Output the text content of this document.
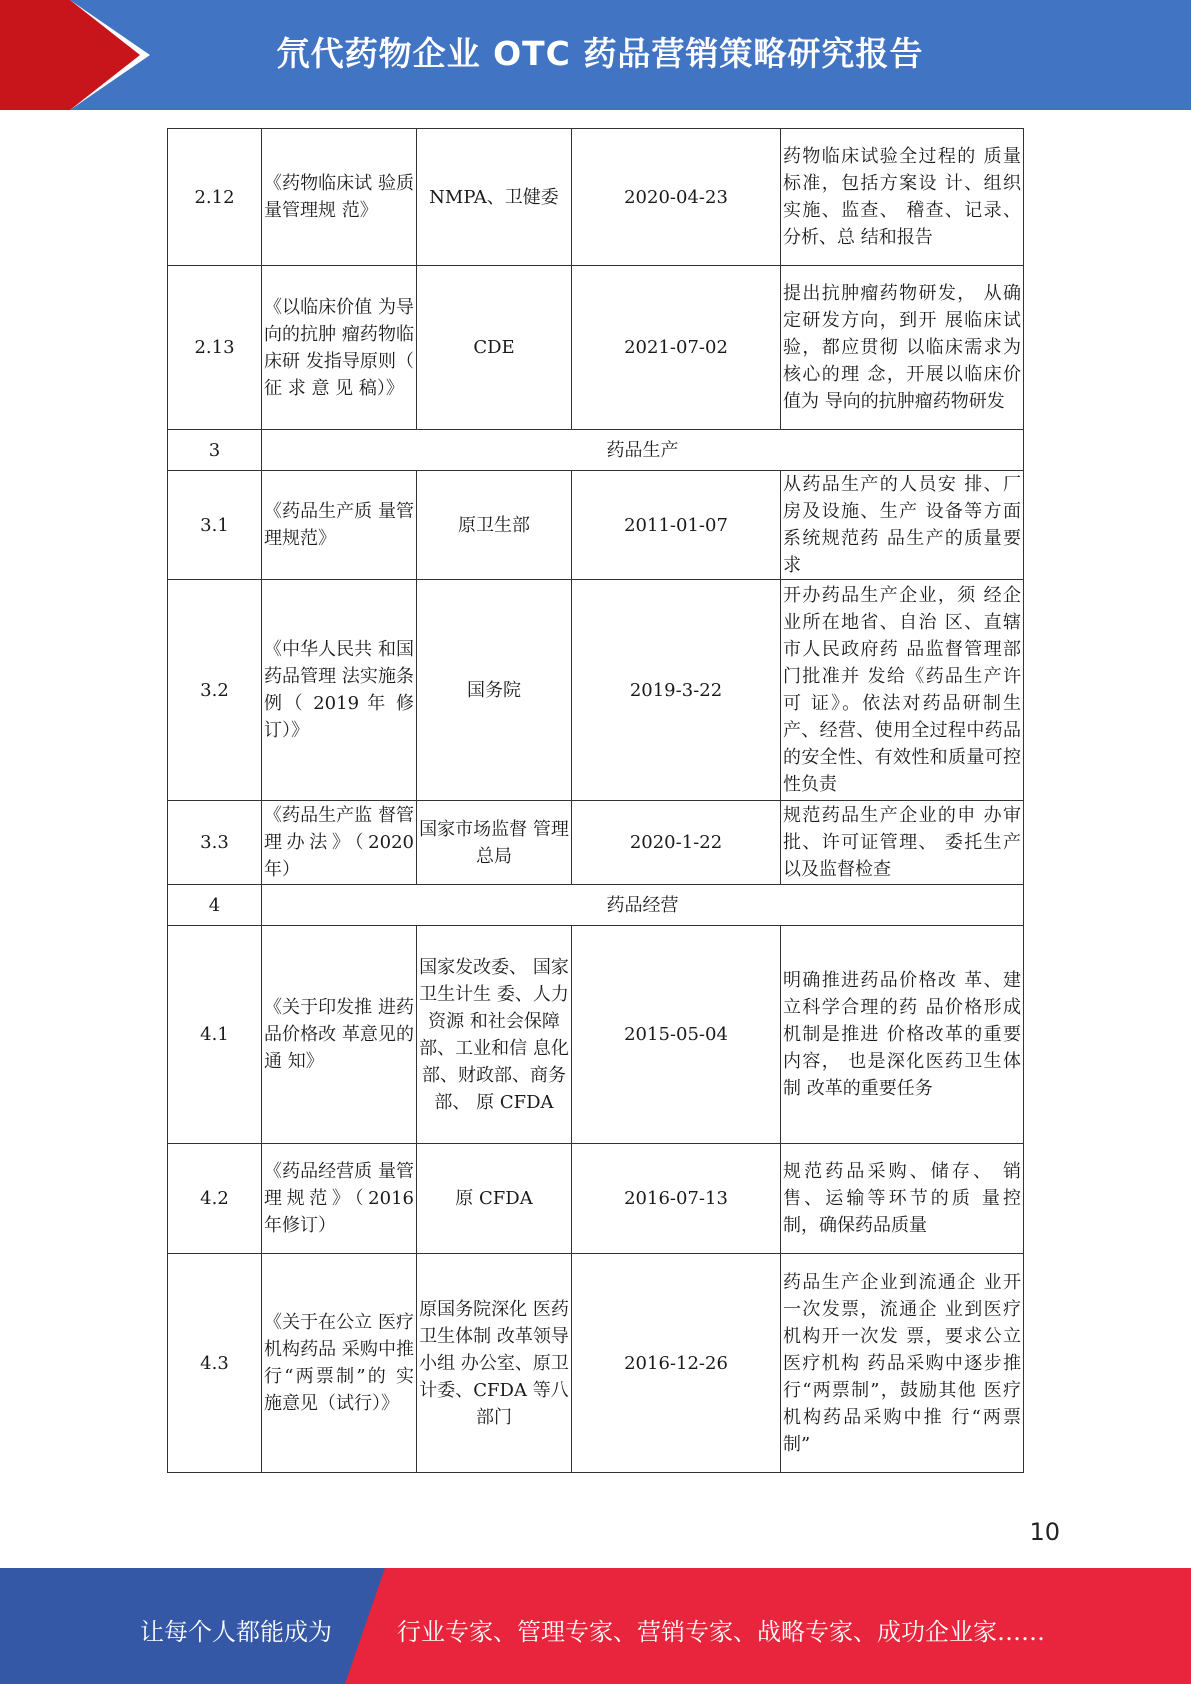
氘代药物企业 OTC 药品营销策略研究报告
2.12	《药物临床试 验质量管理规 范》	NMPA、卫健委	2020-04-23	药物临床试验全过程的 质量标准，包括方案设 计、组织实施、监查、 稽查、记录、分析、总 结和报告
2.13	《以临床价值 为导向的抗肿 瘤药物临床研 发指导原则（ 征 求 意 见 稿）》	CDE	2021-07-02	提出抗肿瘤药物研发， 从确定研发方向，到开 展临床试验，都应贯彻 以临床需求为核心的理 念，开展以临床价值为 导向的抗肿瘤药物研发
3	药品生产			
3.1	《药品生产质 量管理规范》	原卫生部	2011-01-07	从药品生产的人员安 排、厂房及设施、生产 设备等方面系统规范药 品生产的质量要求
3.2	《中华人民共 和国药品管理 法实施条例（ 2019 年 修订）》	国务院	2019-3-22	开办药品生产企业，须 经企业所在地省、自治 区、直辖市人民政府药 品监督管理部门批准并 发给《药品生产许可 证》。依法对药品研制生 产、经营、使用全过程中药品的安全性、有效性和质量可控性负责
3.3	《药品生产监 督管理办法》（2020 年）	国家市场监督 管理总局	2020-1-22	规范药品生产企业的申 办审批、许可证管理、 委托生产以及监督检查
4	药品经营			
4.1	《关于印发推 进药品价格改 革意见的通 知》	国家发改委、 国家卫生计生 委、人力资源 和社会保障 部、工业和信 息化部、财政部、商务部、 原 CFDA	2015-05-04	明确推进药品价格改 革、建立科学合理的药 品价格形成机制是推进 价格改革的重要内容， 也是深化医药卫生体制 改革的重要任务
4.2	《药品经营质 量管理规范》（2016 年修订）	原 CFDA	2016-07-13	规范药品采购、储存、 销售、运输等环节的质 量控制，确保药品质量
4.3	《关于在公立 医疗机构药品 采购中推行“两票制”的 实施意见（试行）》	原国务院深化 医药卫生体制 改革领导小组 办公室、原卫 计委、CFDA 等八部门	2016-12-26	药品生产企业到流通企 业开一次发票，流通企 业到医疗机构开一次发 票，要求公立医疗机构 药品采购中逐步推行“两票制”，鼓励其他 医疗机构药品采购中推 行“两票制”
10
让每个人都能成为	行业专家、管理专家、营销专家、战略专家、成功企业家……
